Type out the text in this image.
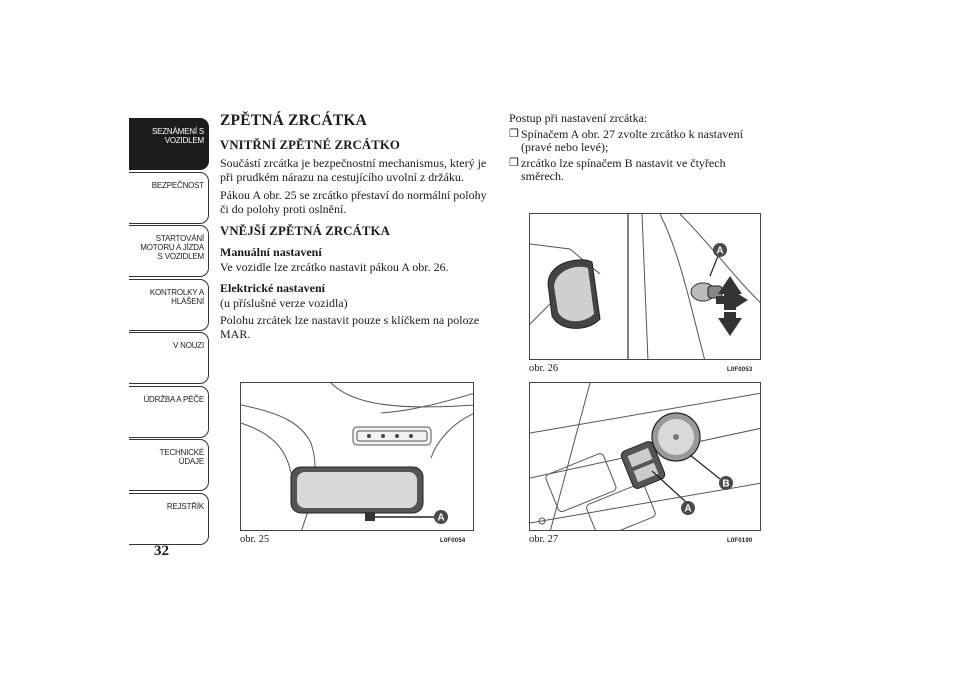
SEZNÁMENÍ S
VOZIDLEM
BEZPEČNOST
STARTOVÁNÍ
MOTORU A JÍZDA
S VOZIDLEM
KONTROLKY A
HLÁŠENÍ
V NOUZI
ÚDRŽBA A PÉČE
TECHNICKÉ
ÚDAJE
REJSTŘÍK
32
ZPĚTNÁ ZRCÁTKA
VNITŘNÍ ZPĚTNÉ ZRCÁTKO

Součástí zrcátka je bezpečnostní mechanismus, který je při prudkém nárazu na cestujícího uvolní z držáku.

Pákou A obr. 25 se zrcátko přestaví do normální polohy či do polohy proti oslnění.

VNĚJŠÍ ZPĚTNÁ ZRCÁTKA
Manuální nastavení

Ve vozidle lze zrcátko nastavit pákou A obr. 26.

Elektrické nastavení

(u příslušné verze vozidla)

Polohu zrcátek lze nastavit pouze s klíčkem na poloze MAR.

Postup při nastavení zrcátka:

❒ Spínačem A obr. 27 zvolte zrcátko k nastavení (pravé nebo levé);
❒ zrcátko lze spínačem B nastavit ve čtyřech směrech.
A
obr. 25	L0F0054
A
obr. 26	L0F0053
B
A
obr. 27	L0F0190
